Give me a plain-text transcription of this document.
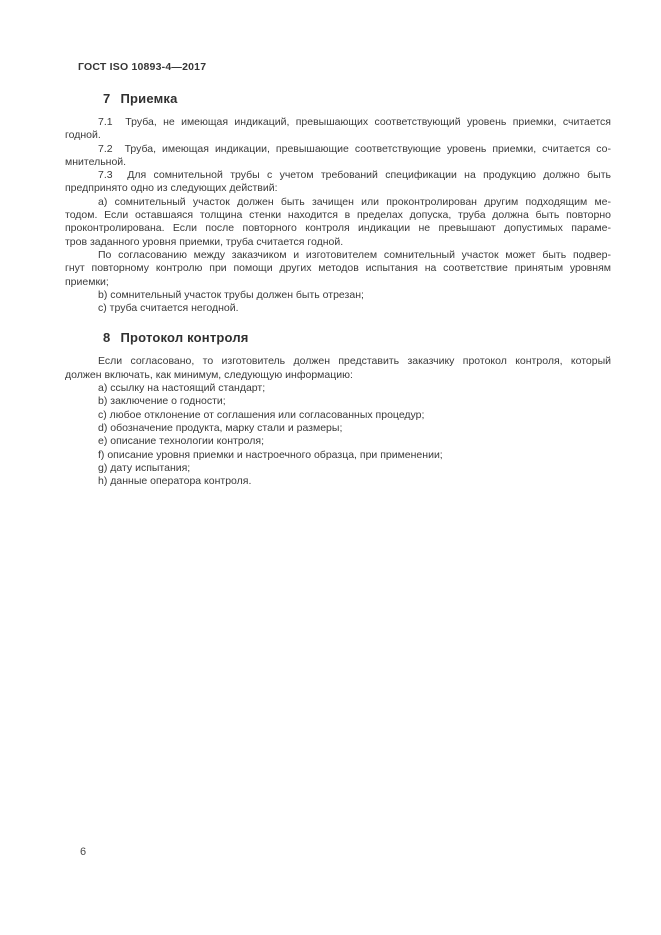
ГОСТ ISO 10893-4—2017
7 Приемка
7.1  Труба, не имеющая индикаций, превышающих соответствующий уровень приемки, считается
годной.
7.2  Труба, имеющая индикации, превышающие соответствующие уровень приемки, считается со-
мнительной.
7.3  Для сомнительной трубы с учетом требований спецификации на продукцию должно быть
предпринято одно из следующих действий:
a) сомнительный участок должен быть зачищен или проконтролирован другим подходящим ме-
тодом. Если оставшаяся толщина стенки находится в пределах допуска, труба должна быть повторно
проконтролирована. Если после повторного контроля индикации не превышают допустимых параме-
тров заданного уровня приемки, труба считается годной.
По согласованию между заказчиком и изготовителем сомнительный участок может быть подвер-
гнут повторному контролю при помощи других методов испытания на соответствие принятым уровням
приемки;
b) сомнительный участок трубы должен быть отрезан;
c) труба считается негодной.
8 Протокол контроля
Если согласовано, то изготовитель должен представить заказчику протокол контроля, который
должен включать, как минимум, следующую информацию:
a) ссылку на настоящий стандарт;
b) заключение о годности;
c) любое отклонение от соглашения или согласованных процедур;
d) обозначение продукта, марку стали и размеры;
e) описание технологии контроля;
f) описание уровня приемки и настроечного образца, при применении;
g) дату испытания;
h) данные оператора контроля.
6
